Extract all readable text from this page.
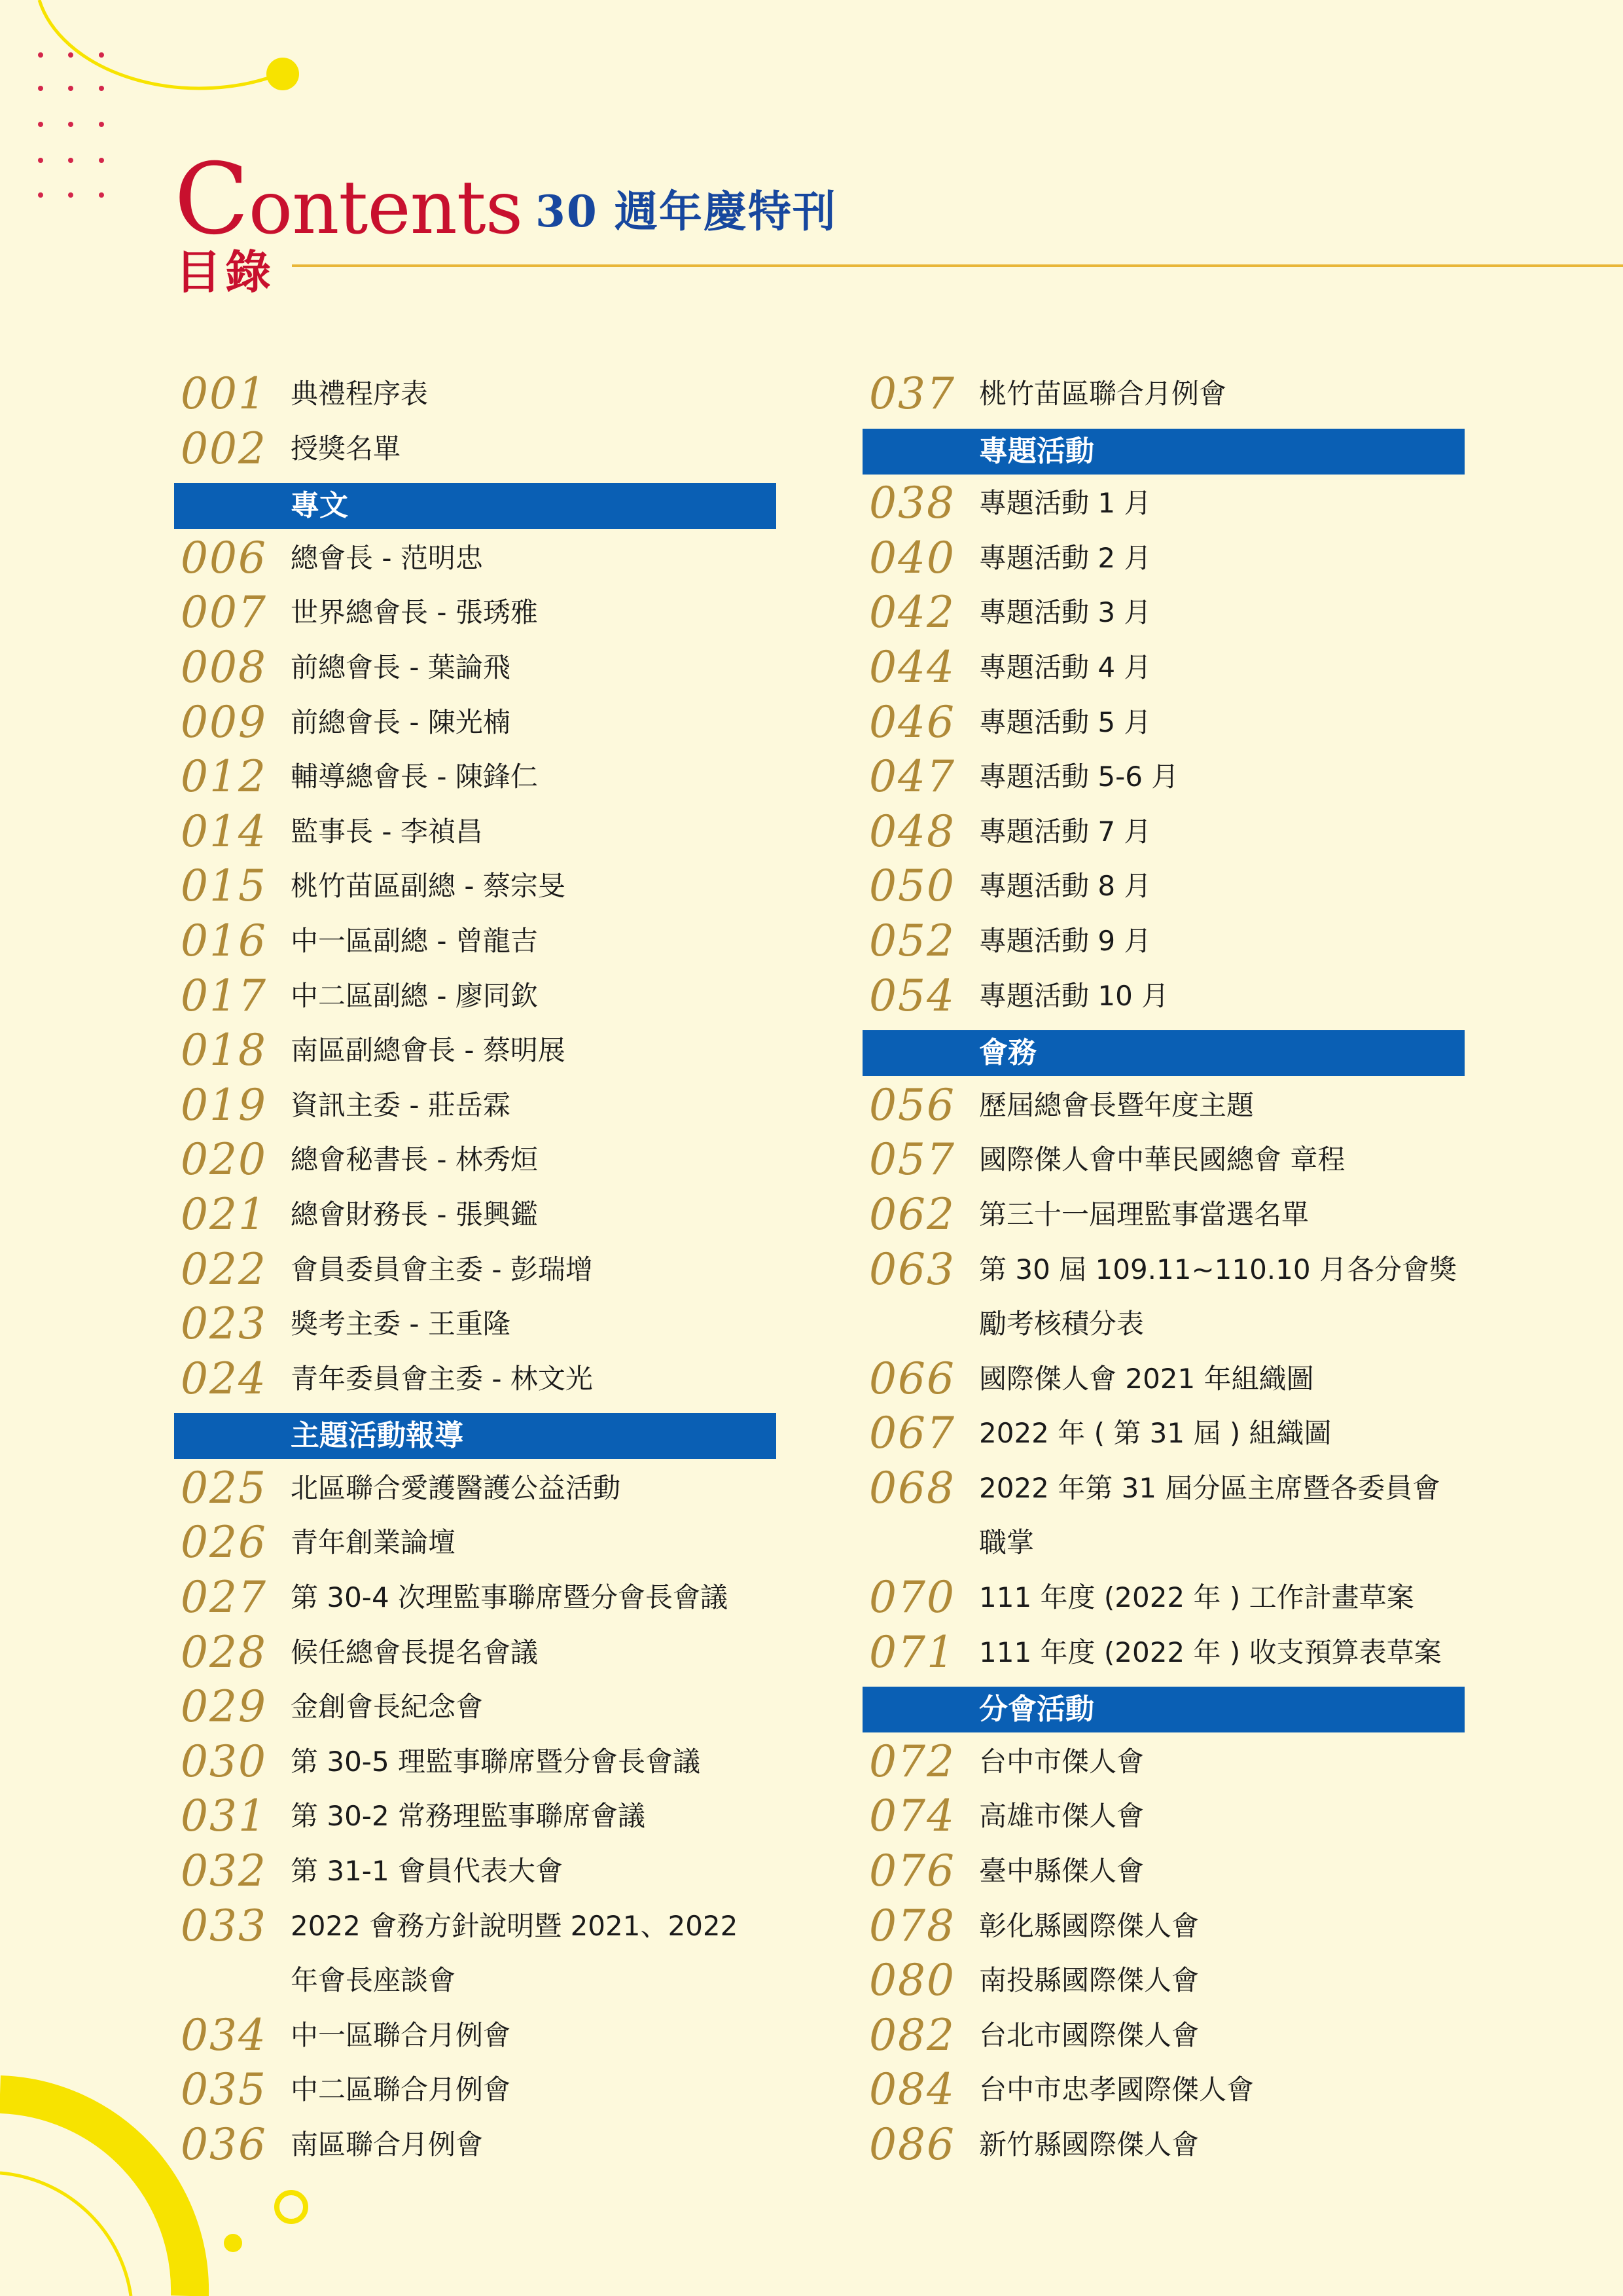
Contents 30 週年慶特刊
目錄
001 典禮程序表
002 授獎名單
專文
006 總會長 - 范明忠
007 世界總會長 - 張琇雅
008 前總會長 - 葉論飛
009 前總會長 - 陳光楠
012 輔導總會長 - 陳鋒仁
014 監事長 - 李禎昌
015 桃竹苗區副總 - 蔡宗旻
016 中一區副總 - 曾龍吉
017 中二區副總 - 廖同欽
018 南區副總會長 - 蔡明展
019 資訊主委 - 莊岳霖
020 總會秘書長 - 林秀烜
021 總會財務長 - 張興鑑
022 會員委員會主委 - 彭瑞增
023 獎考主委 - 王重隆
024 青年委員會主委 - 林文光
主題活動報導
025 北區聯合愛護醫護公益活動
026 青年創業論壇
027 第 30-4 次理監事聯席暨分會長會議
028 候任總會長提名會議
029 金創會長紀念會
030 第 30-5 理監事聯席暨分會長會議
031 第 30-2 常務理監事聯席會議
032 第 31-1 會員代表大會
033 2022 會務方針說明暨 2021、2022
年會長座談會
034 中一區聯合月例會
035 中二區聯合月例會
036 南區聯合月例會
037 桃竹苗區聯合月例會
專題活動
038 專題活動 1 月
040 專題活動 2 月
042 專題活動 3 月
044 專題活動 4 月
046 專題活動 5 月
047 專題活動 5-6 月
048 專題活動 7 月
050 專題活動 8 月
052 專題活動 9 月
054 專題活動 10 月
會務
056 歷屆總會長暨年度主題
057 國際傑人會中華民國總會 章程
062 第三十一屆理監事當選名單
063 第 30 屆 109.11~110.10 月各分會獎
勵考核積分表
066 國際傑人會 2021 年組織圖
067 2022 年 ( 第 31 屆 ) 組織圖
068 2022 年第 31 屆分區主席暨各委員會
職掌
070 111 年度 (2022 年 ) 工作計畫草案
071 111 年度 (2022 年 ) 收支預算表草案
分會活動
072 台中市傑人會
074 高雄市傑人會
076 臺中縣傑人會
078 彰化縣國際傑人會
080 南投縣國際傑人會
082 台北市國際傑人會
084 台中市忠孝國際傑人會
086 新竹縣國際傑人會
